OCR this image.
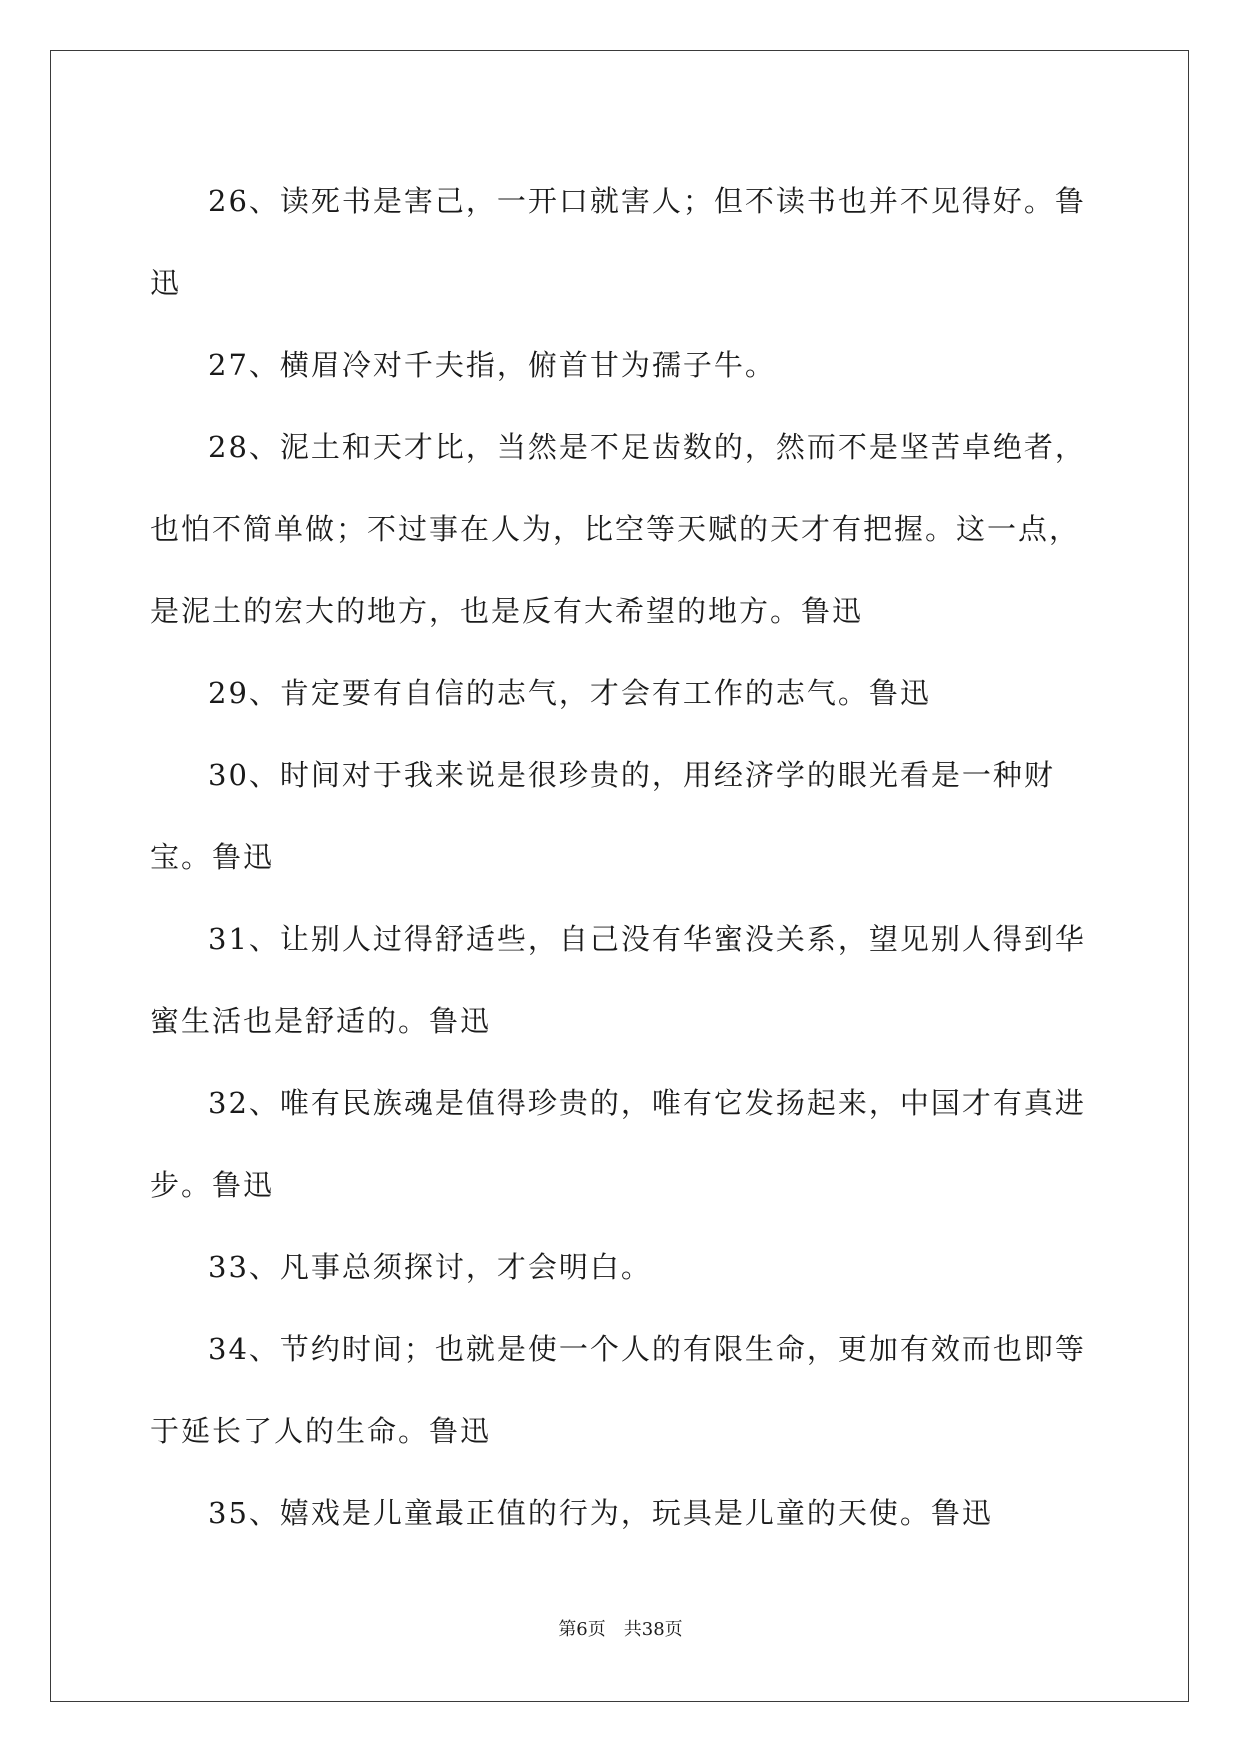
26、读死书是害己，一开口就害人；但不读书也并不见得好。鲁迅

27、横眉冷对千夫指，俯首甘为孺子牛。

28、泥土和天才比，当然是不足齿数的，然而不是坚苦卓绝者，也怕不简单做；不过事在人为，比空等天赋的天才有把握。这一点，是泥土的宏大的地方，也是反有大希望的地方。鲁迅

29、肯定要有自信的志气，才会有工作的志气。鲁迅

30、时间对于我来说是很珍贵的，用经济学的眼光看是一种财宝。鲁迅

31、让别人过得舒适些，自己没有华蜜没关系，望见别人得到华蜜生活也是舒适的。鲁迅

32、唯有民族魂是值得珍贵的，唯有它发扬起来，中国才有真进步。鲁迅

33、凡事总须探讨，才会明白。

34、节约时间；也就是使一个人的有限生命，更加有效而也即等于延长了人的生命。鲁迅

35、嬉戏是儿童最正值的行为，玩具是儿童的天使。鲁迅

第6页 共38页
